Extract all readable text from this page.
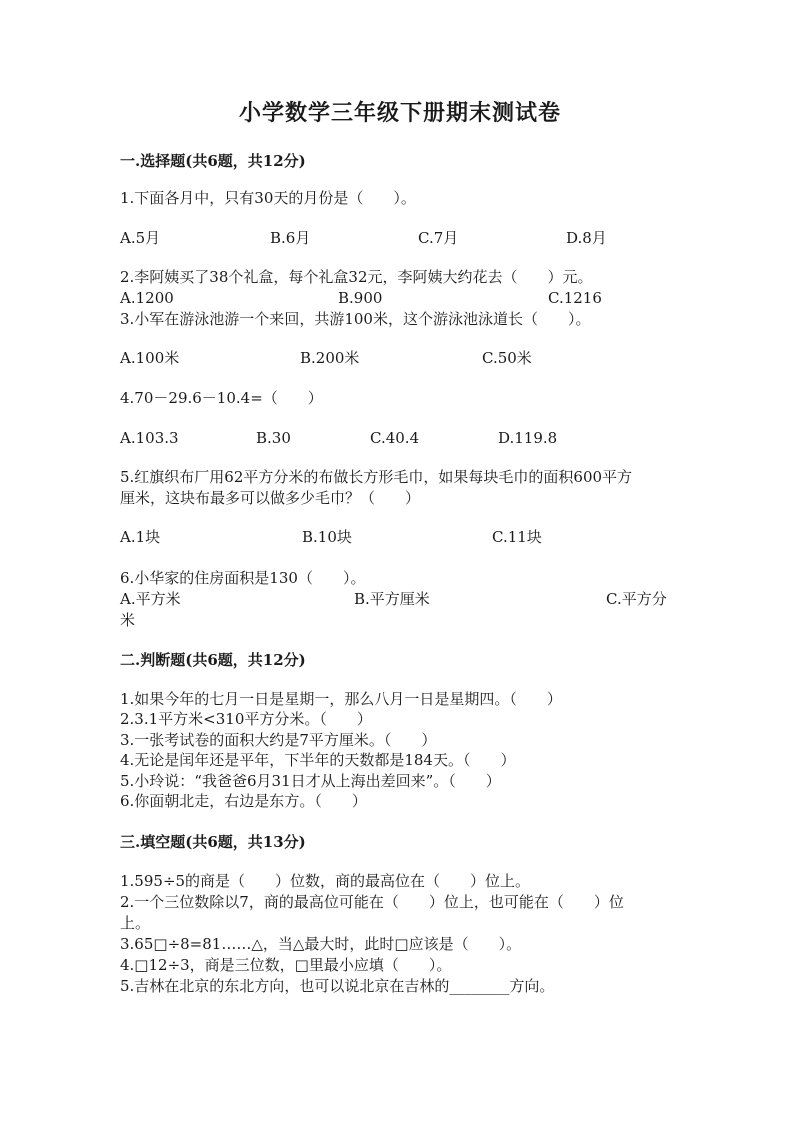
小学数学三年级下册期末测试卷
一.选择题(共6题，共12分)
1.下面各月中，只有30天的月份是（　　）。
A.5月	B.6月	C.7月	D.8月
2.李阿姨买了38个礼盒，每个礼盒32元，李阿姨大约花去（　　）元。
A.1200	B.900	C.1216
3.小军在游泳池游一个来回，共游100米，这个游泳池泳道长（　　）。
A.100米	B.200米	C.50米
4.70－29.6－10.4=（　　）
A.103.3	B.30	C.40.4	D.119.8
5.红旗织布厂用62平方分米的布做长方形毛巾，如果每块毛巾的面积600平方
厘米，这块布最多可以做多少毛巾？（　　）
A.1块	B.10块	C.11块
6.小华家的住房面积是130（　　）。
A.平方米	B.平方厘米	C.平方分
米
二.判断题(共6题，共12分)
1.如果今年的七月一日是星期一，那么八月一日是星期四。（　　）
2.3.1平方米<310平方分米。（　　）
3.一张考试卷的面积大约是7平方厘米。（　　）
4.无论是闰年还是平年，下半年的天数都是184天。（　　）
5.小玲说：“我爸爸6月31日才从上海出差回来”。（　　）
6.你面朝北走，右边是东方。（　　）
三.填空题(共6题，共13分)
1.595÷5的商是（　　）位数，商的最高位在（　　）位上。
2.一个三位数除以7，商的最高位可能在（　　）位上，也可能在（　　）位
上。
3.65□÷8=81……△，当△最大时，此时□应该是（　　）。
4.□12÷3，商是三位数，□里最小应填（　　）。
5.吉林在北京的东北方向，也可以说北京在吉林的________方向。
